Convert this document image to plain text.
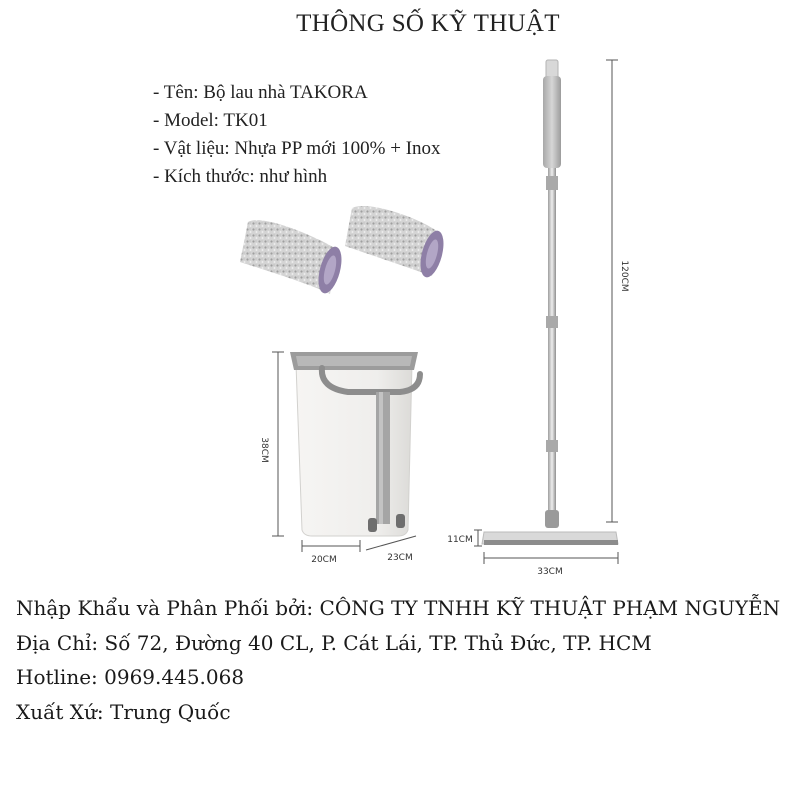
THÔNG SỐ KỸ THUẬT
- Tên: Bộ lau nhà TAKORA
- Model: TK01
- Vật liệu: Nhựa PP mới 100% + Inox
- Kích thước: như hình
120CM
38CM
20CM	23CM
11CM
33CM

Nhập Khẩu và Phân Phối bởi: CÔNG TY TNHH KỸ THUẬT PHẠM NGUYỄN

Địa Chỉ: Số 72, Đường 40 CL, P. Cát Lái, TP. Thủ Đức, TP. HCM

Hotline: 0969.445.068

Xuất Xứ: Trung Quốc
